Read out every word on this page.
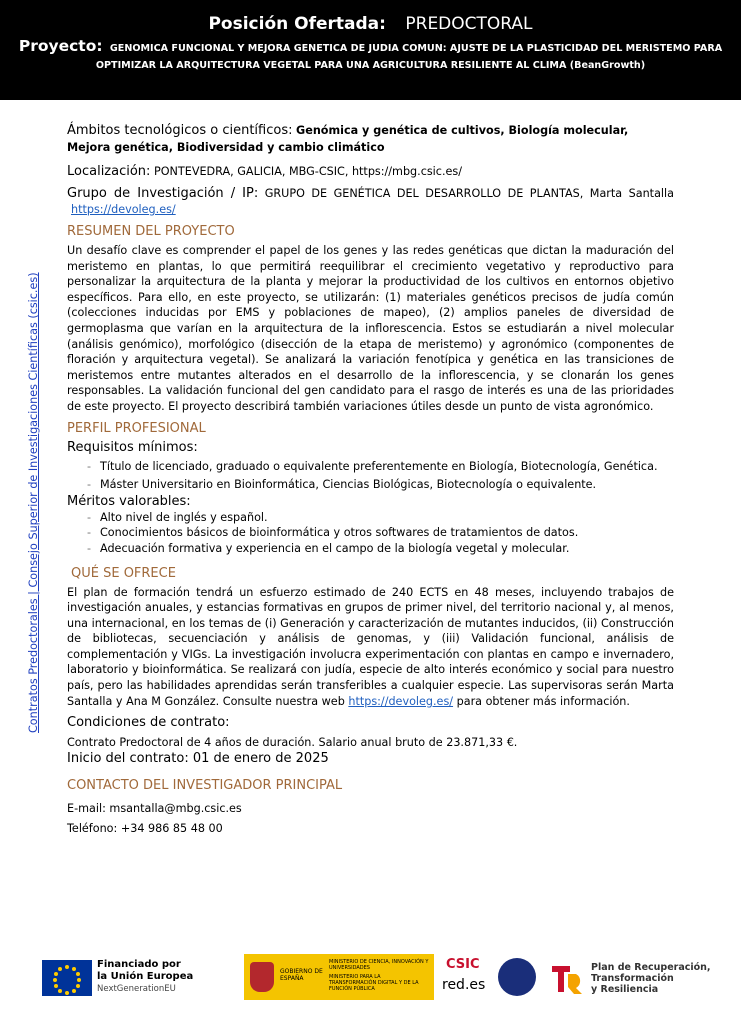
Posición Ofertada: PREDOCTORAL
Proyecto: GENOMICA FUNCIONAL Y MEJORA GENETICA DE JUDIA COMUN: AJUSTE DE LA PLASTICIDAD DEL MERISTEMO PARA OPTIMIZAR LA ARQUITECTURA VEGETAL PARA UNA AGRICULTURA RESILIENTE AL CLIMA (BeanGrowth)
Contratos Predoctorales | Consejo Superior de Investigaciones Científicas (csic.es)
Ámbitos tecnológicos o científicos: Genómica y genética de cultivos, Biología molecular, Mejora genética, Biodiversidad y cambio climático
Localización: PONTEVEDRA, GALICIA, MBG-CSIC, https://mbg.csic.es/
Grupo de Investigación / IP: GRUPO DE GENÉTICA DEL DESARROLLO DE PLANTAS, Marta Santalla https://devoleg.es/
RESUMEN DEL PROYECTO
Un desafío clave es comprender el papel de los genes y las redes genéticas que dictan la maduración del meristemo en plantas, lo que permitirá reequilibrar el crecimiento vegetativo y reproductivo para personalizar la arquitectura de la planta y mejorar la productividad de los cultivos en entornos objetivo específicos. Para ello, en este proyecto, se utilizarán: (1) materiales genéticos precisos de judía común (colecciones inducidas por EMS y poblaciones de mapeo), (2) amplios paneles de diversidad de germoplasma que varían en la arquitectura de la inflorescencia. Estos se estudiarán a nivel molecular (análisis genómico), morfológico (disección de la etapa de meristemo) y agronómico (componentes de floración y arquitectura vegetal). Se analizará la variación fenotípica y genética en las transiciones de meristemos entre mutantes alterados en el desarrollo de la inflorescencia, y se clonarán los genes responsables. La validación funcional del gen candidato para el rasgo de interés es una de las prioridades de este proyecto. El proyecto describirá también variaciones útiles desde un punto de vista agronómico.
PERFIL PROFESIONAL
Requisitos mínimos:
- Título de licenciado, graduado o equivalente preferentemente en Biología, Biotecnología, Genética.
- Máster Universitario en Bioinformática, Ciencias Biológicas, Biotecnología o equivalente.
Méritos valorables:
- Alto nivel de inglés y español.
- Conocimientos básicos de bioinformática y otros softwares de tratamientos de datos.
- Adecuación formativa y experiencia en el campo de la biología vegetal y molecular.
QUÉ SE OFRECE
El plan de formación tendrá un esfuerzo estimado de 240 ECTS en 48 meses, incluyendo trabajos de investigación anuales, y estancias formativas en grupos de primer nivel, del territorio nacional y, al menos, una internacional, en los temas de (i) Generación y caracterización de mutantes inducidos, (ii) Construcción de bibliotecas, secuenciación y análisis de genomas, y (iii) Validación funcional, análisis de complementación y VIGs. La investigación involucra experimentación con plantas en campo e invernadero, laboratorio y bioinformática. Se realizará con judía, especie de alto interés económico y social para nuestro país, pero las habilidades aprendidas serán transferibles a cualquier especie. Las supervisoras serán Marta Santalla y Ana M González. Consulte nuestra web https://devoleg.es/ para obtener más información.
Condiciones de contrato:
Contrato Predoctoral de 4 años de duración. Salario anual bruto de 23.871,33 €.
Inicio del contrato: 01 de enero de 2025
CONTACTO DEL INVESTIGADOR PRINCIPAL
E-mail: msantalla@mbg.csic.es
Teléfono: +34 986 85 48 00
Financiado por
la Unión Europea
NextGenerationEU
GOBIERNO DE ESPAÑA
MINISTERIO DE CIENCIA, INNOVACIÓN Y UNIVERSIDADES
MINISTERIO PARA LA TRANSFORMACIÓN DIGITAL Y DE LA FUNCIÓN PÚBLICA
CSIC
red.es
Plan de Recuperación,
Transformación
y Resiliencia
